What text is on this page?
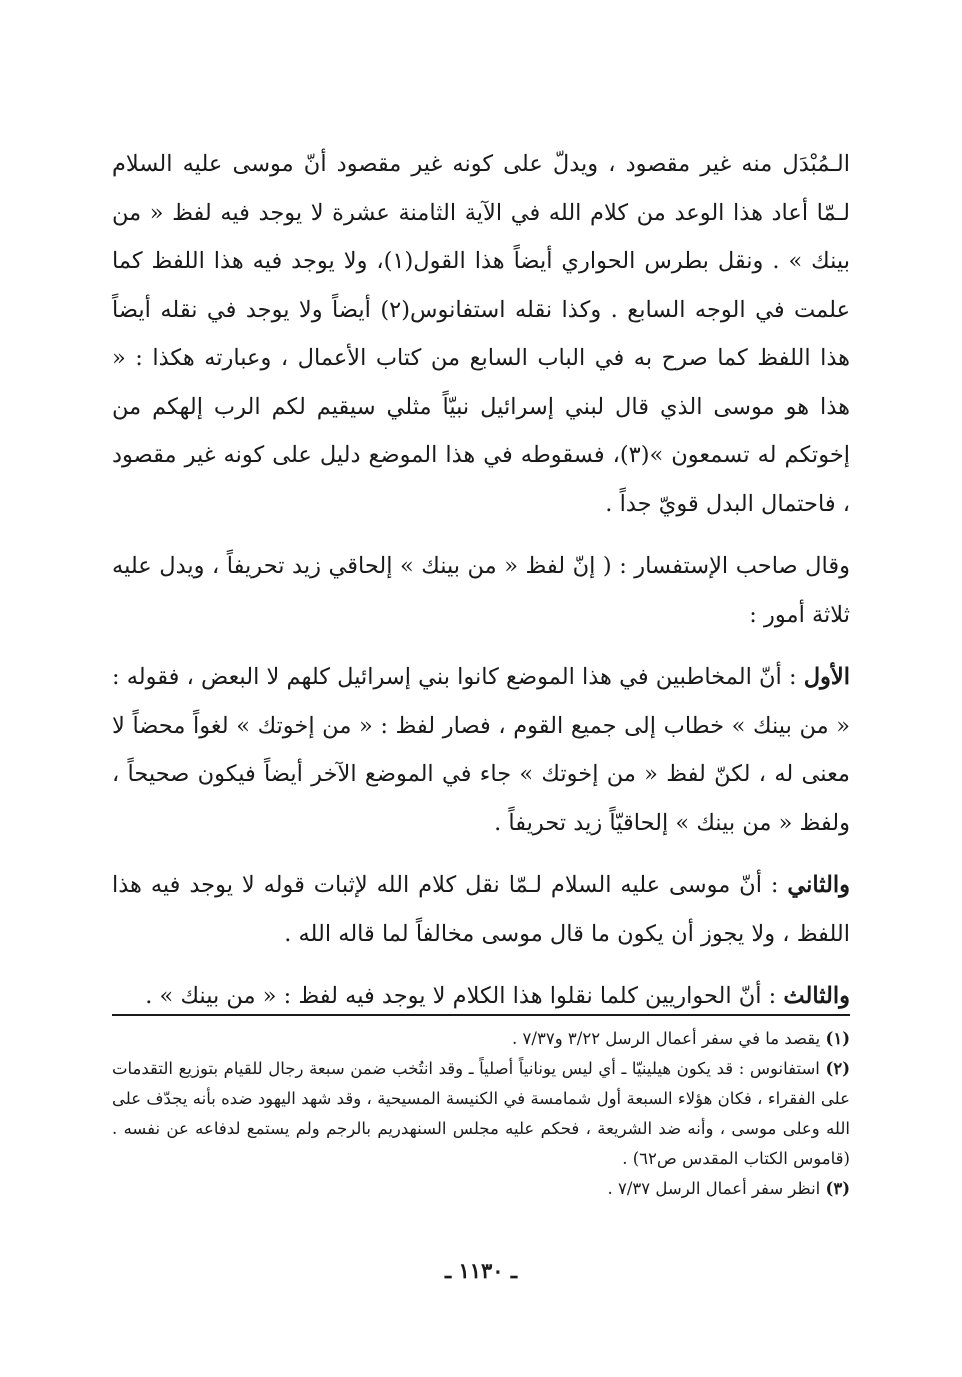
الـمُبْدَل منه غير مقصود ، ويدلّ على كونه غير مقصود أنّ موسى عليه السلام لـمّا أعاد هذا الوعد من كلام الله في الآية الثامنة عشرة لا يوجد فيه لفظ « من بينك » . ونقل بطرس الحواري أيضاً هذا القول(١)، ولا يوجد فيه هذا اللفظ كما علمت في الوجه السابع . وكذا نقله استفانوس(٢) أيضاً ولا يوجد في نقله أيضاً هذا اللفظ كما صرح به في الباب السابع من كتاب الأعمال ، وعبارته هكذا : « هذا هو موسى الذي قال لبني إسرائيل نبيّاً مثلي سيقيم لكم الرب إلهكم من إخوتكم له تسمعون »(٣)، فسقوطه في هذا الموضع دليل على كونه غير مقصود ، فاحتمال البدل قويّ جداً .

وقال صاحب الإستفسار : ( إنّ لفظ « من بينك » إلحاقي زيد تحريفاً ، ويدل عليه ثلاثة أمور :

الأول : أنّ المخاطبين في هذا الموضع كانوا بني إسرائيل كلهم لا البعض ، فقوله : « من بينك » خطاب إلى جميع القوم ، فصار لفظ : « من إخوتك » لغواً محضاً لا معنى له ، لكنّ لفظ « من إخوتك » جاء في الموضع الآخر أيضاً فيكون صحيحاً ، ولفظ « من بينك » إلحاقيّاً زيد تحريفاً .

والثاني : أنّ موسى عليه السلام لـمّا نقل كلام الله لإثبات قوله لا يوجد فيه هذا اللفظ ، ولا يجوز أن يكون ما قال موسى مخالفاً لما قاله الله .

والثالث : أنّ الحواريين كلما نقلوا هذا الكلام لا يوجد فيه لفظ : « من بينك » .

(١) يقصد ما في سفر أعمال الرسل ٣/٢٢ و٧/٣٧ .

(٢) استفانوس : قد يكون هيلينيّا ـ أي ليس يونانياً أصلياً ـ وقد انتُخب ضمن سبعة رجال للقيام بتوزيع التقدمات على الفقراء ، فكان هؤلاء السبعة أول شمامسة في الكنيسة المسيحية ، وقد شهد اليهود ضده بأنه يجدّف على الله وعلى موسى ، وأنه ضد الشريعة ، فحكم عليه مجلس السنهدريم بالرجم ولم يستمع لدفاعه عن نفسه . (قاموس الكتاب المقدس ص٦٢) .

(٣) انظر سفر أعمال الرسل ٧/٣٧ .

ـ ١١٣٠ ـ
